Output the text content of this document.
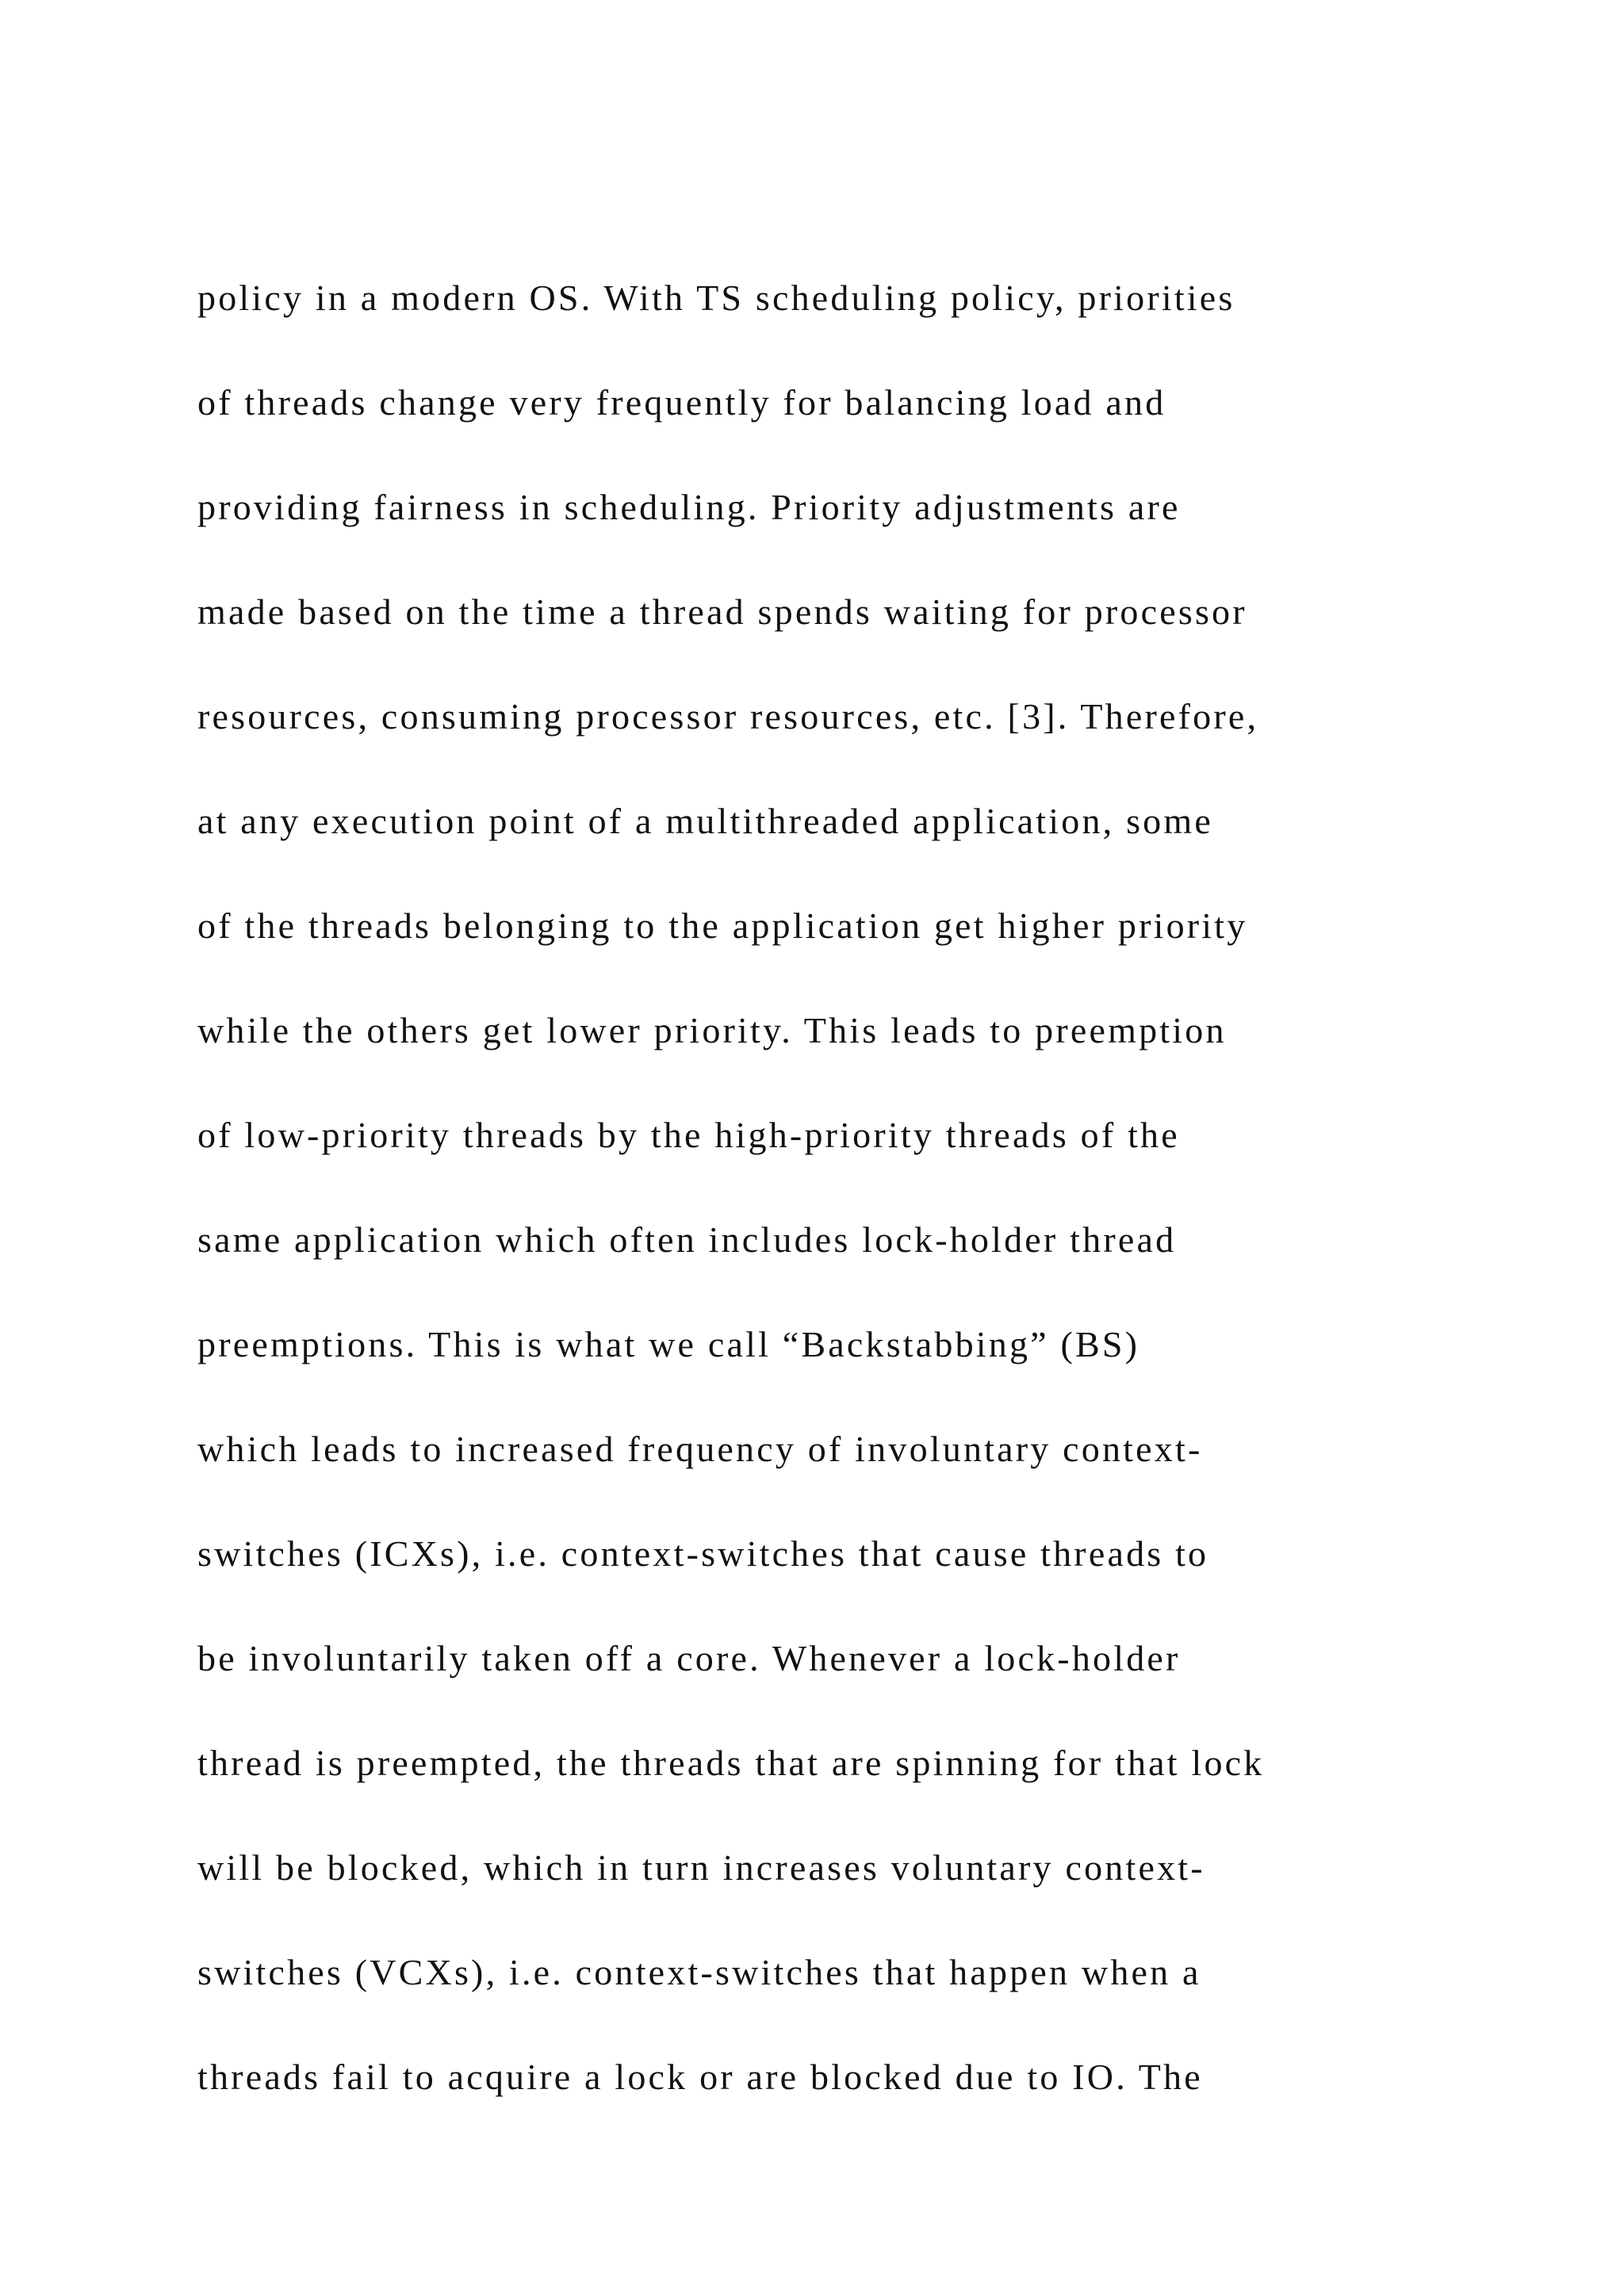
policy in a modern OS. With TS scheduling policy, priorities
of threads change very frequently for balancing load and
providing fairness in scheduling. Priority adjustments are
made based on the time a thread spends waiting for processor
resources, consuming processor resources, etc. [3]. Therefore,
at any execution point of a multithreaded application, some
of the threads belonging to the application get higher priority
while the others get lower priority. This leads to preemption
of low-priority threads by the high-priority threads of the
same application which often includes lock-holder thread
preemptions. This is what we call “Backstabbing” (BS)
which leads to increased frequency of involuntary context-
switches (ICXs), i.e. context-switches that cause threads to
be involuntarily taken off a core. Whenever a lock-holder
thread is preempted, the threads that are spinning for that lock
will be blocked, which in turn increases voluntary context-
switches (VCXs), i.e. context-switches that happen when a
threads fail to acquire a lock or are blocked due to IO. The
